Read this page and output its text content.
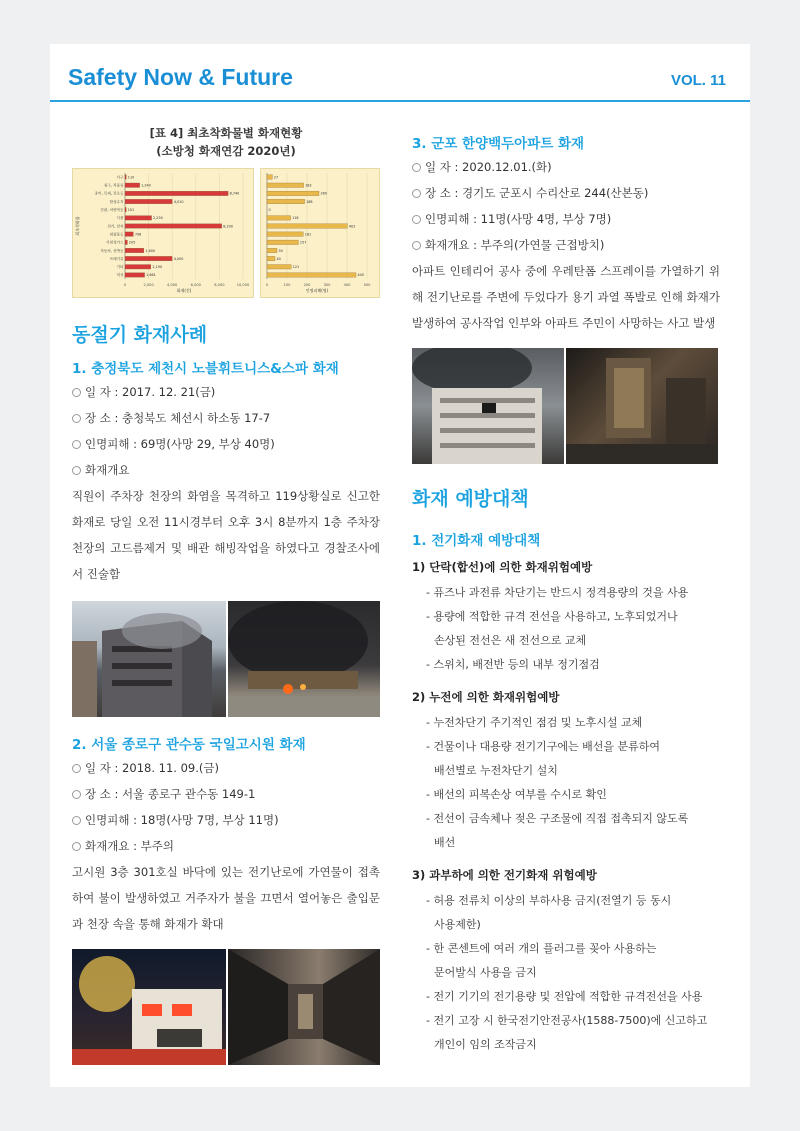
Safety Now & Future	VOL. 11
[표 4] 최초착화물별 화재현황
(소방청 화재연감 2020년)
0	2,000	4,000	6,000	8,000	10,000
110
가구
1,240
침구, 직물류
8,740
종이, 목재, 건초등
4,010
합성수지
101
간판, 차양막등
2,250
식품
8,200
전기, 전자
708
위험물등
205
가연성가스
1,600
자동차, 선박등
4,000
쓰레기류
2,190
기타
1,661
미상
화재(건)
최초착화물
0	100	200	300	400	500
27
183
260
188
0
118
402
181
157
50
40
121
445
인명피해(명)
동절기 화재사례
1. 충정북도 제천시 노블휘트니스&스파 화재
일 자 : 2017. 12. 21(금)
장 소 : 충청북도 체선시 하소동 17-7
인명피해 : 69명(사망 29, 부상 40명)
화재개요
직원이 주차장 천장의 화염을 목격하고 119상황실로 신고한 화재로 당일 오전 11시경부터 오후 3시 8분까지 1층 주차장 천장의 고드름제거 및 배관 해빙작업을 하였다고 경찰조사에서 진술함
2. 서울 종로구 관수동 국일고시원 화재
일 자 : 2018. 11. 09.(금)
장 소 : 서울 종로구 관수동 149-1
인명피해 : 18명(사망 7명, 부상 11명)
화재개요 : 부주의
고시원 3층 301호실 바닥에 있는 전기난로에 가연물이 접촉하여 불이 발생하였고 거주자가 불을 끄면서 열어놓은 출입문과 천장 속을 통해 화재가 확대
3. 군포 한양백두아파트 화재
일 자 : 2020.12.01.(화)
장 소 : 경기도 군포시 수리산로 244(산본동)
인명피해 : 11명(사망 4명, 부상 7명)
화재개요 : 부주의(가연물 근접방치)
아파트 인테리어 공사 중에 우레탄폼 스프레이를 가열하기 위해 전기난로를 주변에 두었다가 용기 과열 폭발로 인해 화재가 발생하여 공사작업 인부와 아파트 주민이 사망하는 사고 발생
화재 예방대책
1. 전기화재 예방대책
1) 단락(합선)에 의한 화재위험예방
- 퓨즈나 과전류 차단기는 반드시 정격용량의 것을 사용
- 용량에 적합한 규격 전선을 사용하고, 노후되었거나
손상된 전선은 새 전선으로 교체
- 스위치, 배전반 등의 내부 정기점검
2) 누전에 의한 화재위험예방
- 누전차단기 주기적인 점검 및 노후시설 교체
- 건물이나 대용량 전기기구에는 배선을 분류하여
배선별로 누전차단기 설치
- 배선의 피복손상 여부를 수시로 확인
- 전선이 금속체나 젖은 구조물에 직접 접촉되지 않도록
배선
3) 과부하에 의한 전기화재 위험예방
- 허용 전류치 이상의 부하사용 금지(전열기 등 동시
사용제한)
- 한 콘센트에 여러 개의 플러그를 꽂아 사용하는
문어발식 사용을 금지
- 전기 기기의 전기용량 및 전압에 적합한 규격전선을 사용
- 전기 고장 시 한국전기안전공사(1588-7500)에 신고하고
개인이 임의 조작금지
